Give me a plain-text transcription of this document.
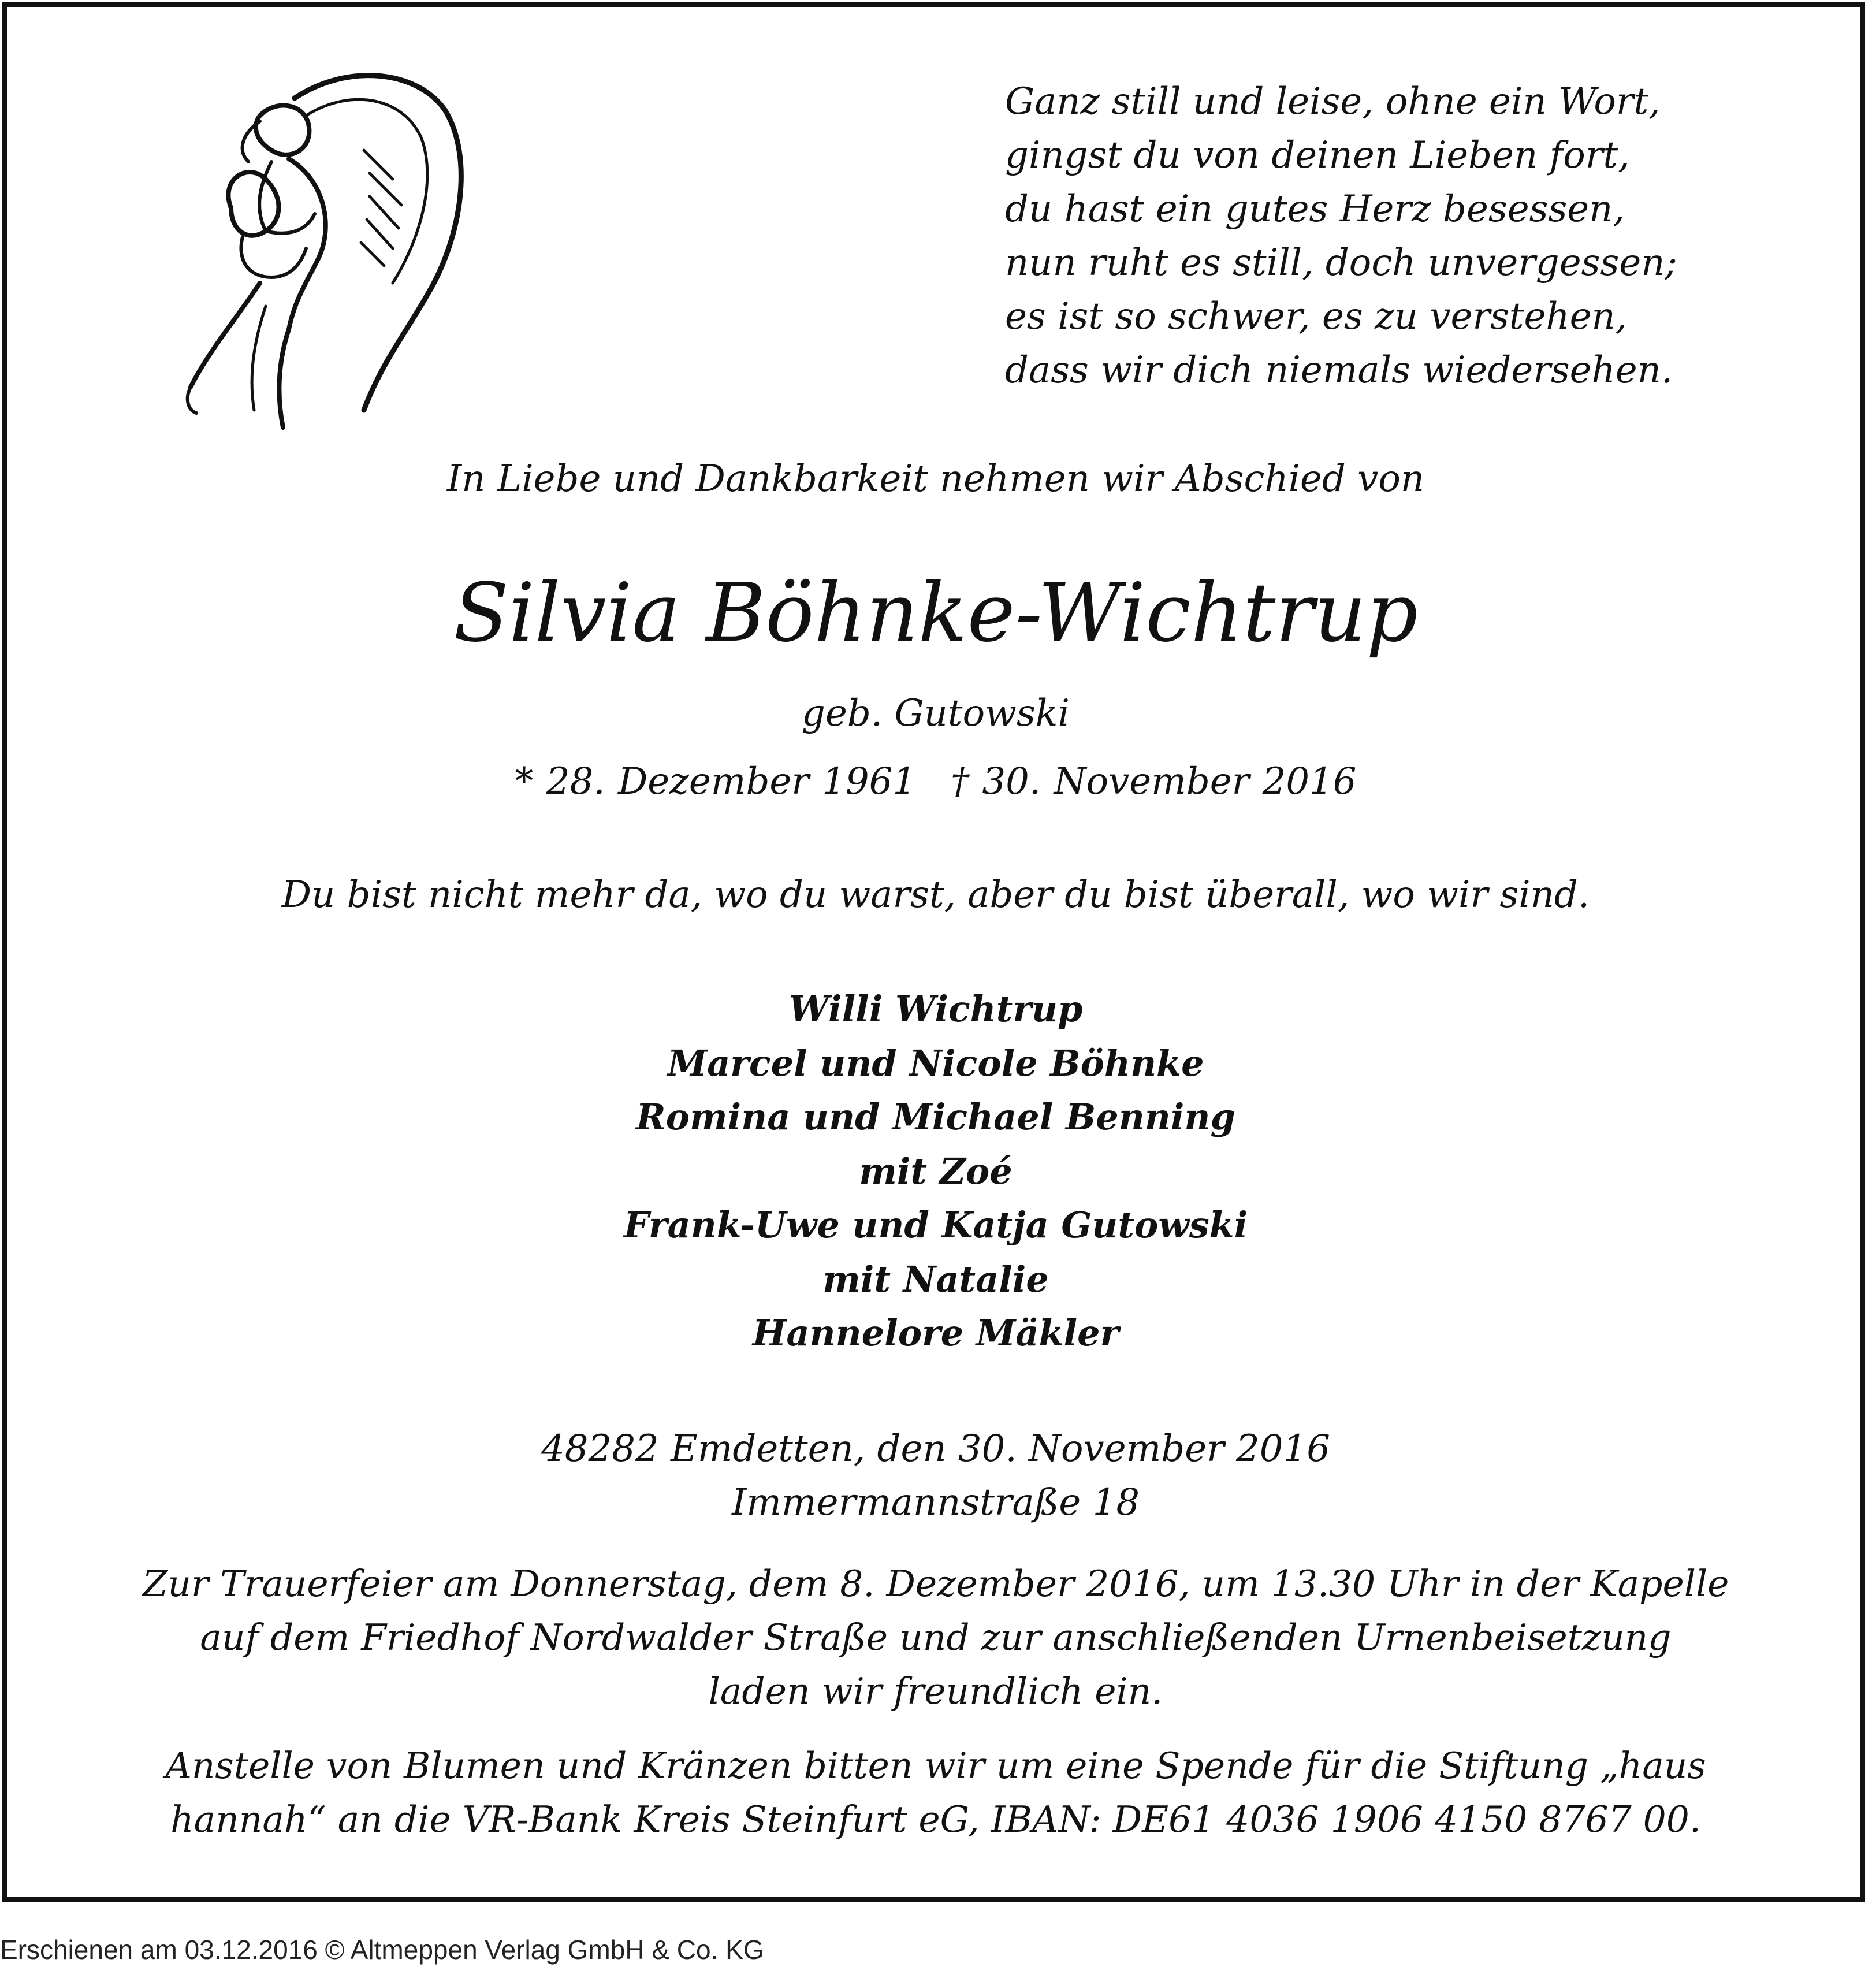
Ganz still und leise, ohne ein Wort,
gingst du von deinen Lieben fort,
du hast ein gutes Herz besessen,
nun ruht es still, doch unvergessen;
es ist so schwer, es zu verstehen,
dass wir dich niemals wiedersehen.
In Liebe und Dankbarkeit nehmen wir Abschied von
Silvia Böhnke-Wichtrup
geb. Gutowski
* 28. Dezember 1961 † 30. November 2016
Du bist nicht mehr da, wo du warst, aber du bist überall, wo wir sind.
Willi Wichtrup
Marcel und Nicole Böhnke
Romina und Michael Benning
mit Zoé
Frank-Uwe und Katja Gutowski
mit Natalie
Hannelore Mäkler
48282 Emdetten, den 30. November 2016
Immermannstraße 18
Zur Trauerfeier am Donnerstag, dem 8. Dezember 2016, um 13.30 Uhr in der Kapelle
auf dem Friedhof Nordwalder Straße und zur anschließenden Urnenbeisetzung
laden wir freundlich ein.
Anstelle von Blumen und Kränzen bitten wir um eine Spende für die Stiftung „haus
hannah“ an die VR-Bank Kreis Steinfurt eG, IBAN: DE61 4036 1906 4150 8767 00.
Erschienen am 03.12.2016 © Altmeppen Verlag GmbH & Co. KG
